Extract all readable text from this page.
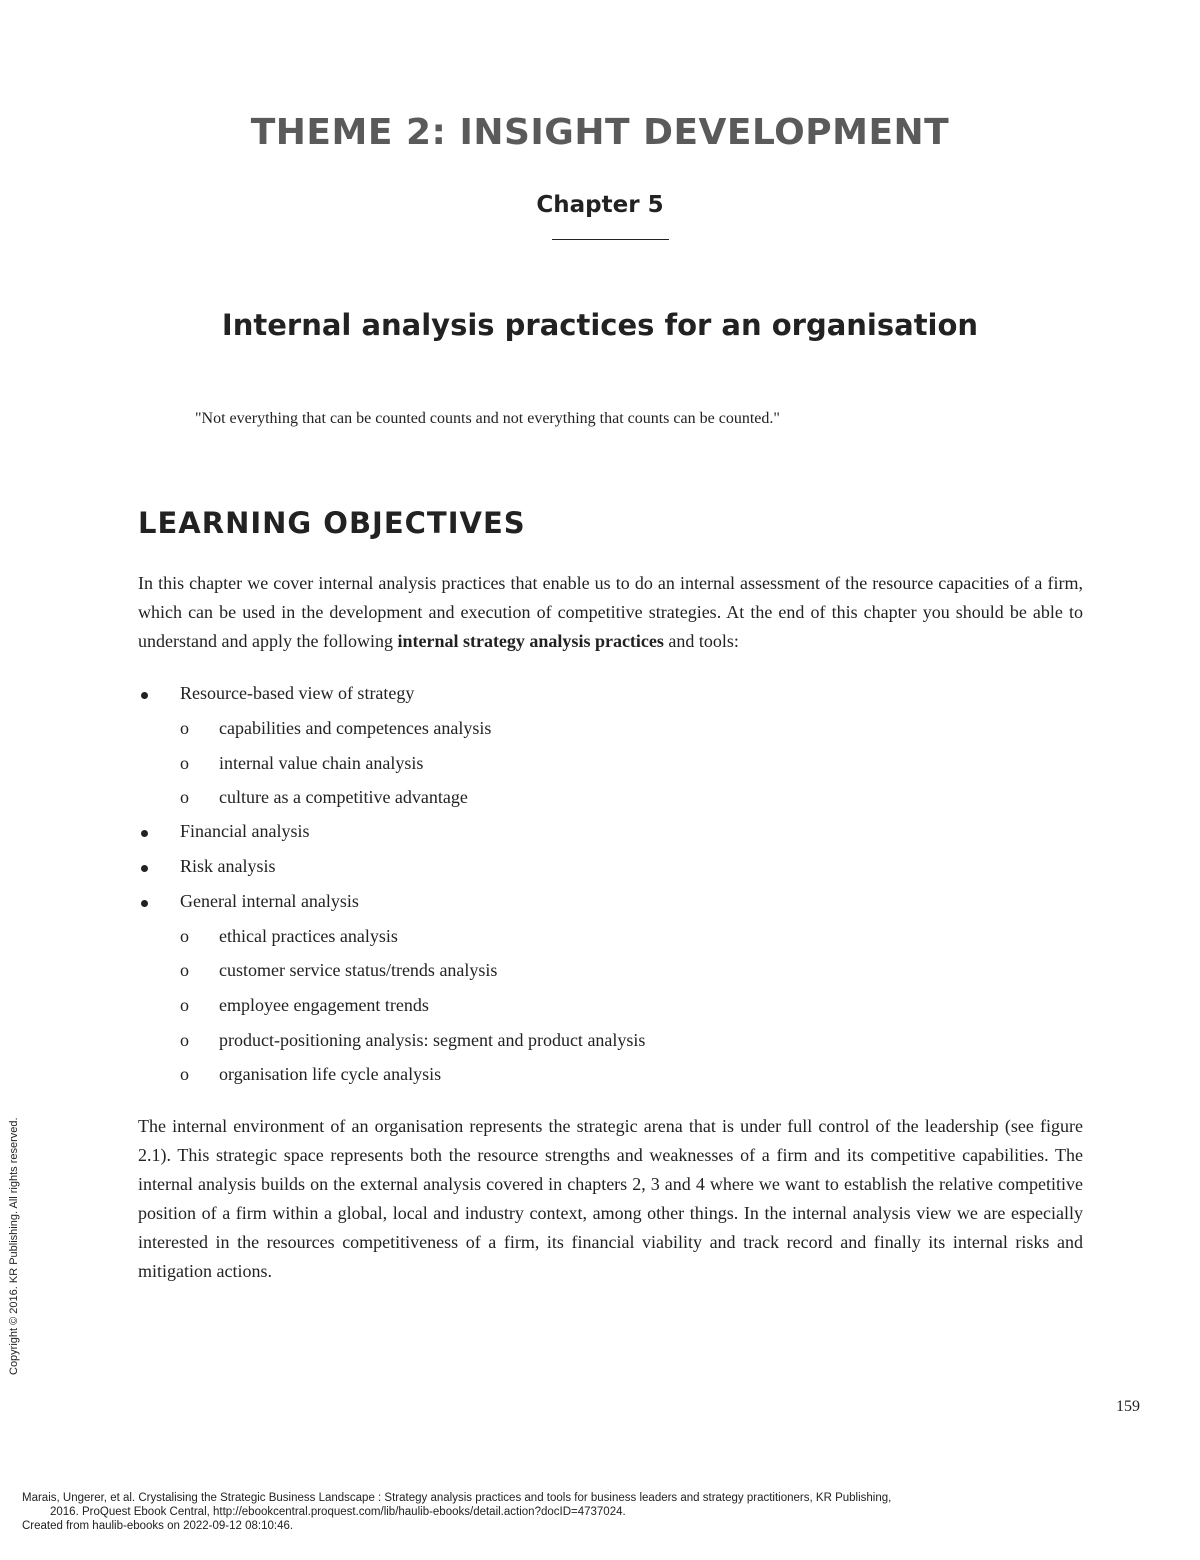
THEME 2: INSIGHT DEVELOPMENT
Chapter 5
Internal analysis practices for an organisation
"Not everything that can be counted counts and not everything that counts can be counted."
LEARNING OBJECTIVES

In this chapter we cover internal analysis practices that enable us to do an internal assessment of the resource capacities of a firm, which can be used in the development and execution of competitive strategies. At the end of this chapter you should be able to understand and apply the following internal strategy analysis practices and tools:

Resource-based view of strategy
o capabilities and competences analysis
o internal value chain analysis
o culture as a competitive advantage
Financial analysis
Risk analysis
General internal analysis
o ethical practices analysis
o customer service status/trends analysis
o employee engagement trends
o product-positioning analysis: segment and product analysis
o organisation life cycle analysis

The internal environment of an organisation represents the strategic arena that is under full control of the leadership (see figure 2.1). This strategic space represents both the resource strengths and weaknesses of a firm and its competitive capabilities. The internal analysis builds on the external analysis covered in chapters 2, 3 and 4 where we want to establish the relative competitive position of a firm within a global, local and industry context, among other things. In the internal analysis view we are especially interested in the resources competitiveness of a firm, its financial viability and track record and finally its internal risks and mitigation actions.

159
Copyright © 2016. KR Publishing. All rights reserved.
Marais, Ungerer, et al. Crystalising the Strategic Business Landscape : Strategy analysis practices and tools for business leaders and strategy practitioners, KR Publishing,
2016. ProQuest Ebook Central, http://ebookcentral.proquest.com/lib/haulib-ebooks/detail.action?docID=4737024.
Created from haulib-ebooks on 2022-09-12 08:10:46.
